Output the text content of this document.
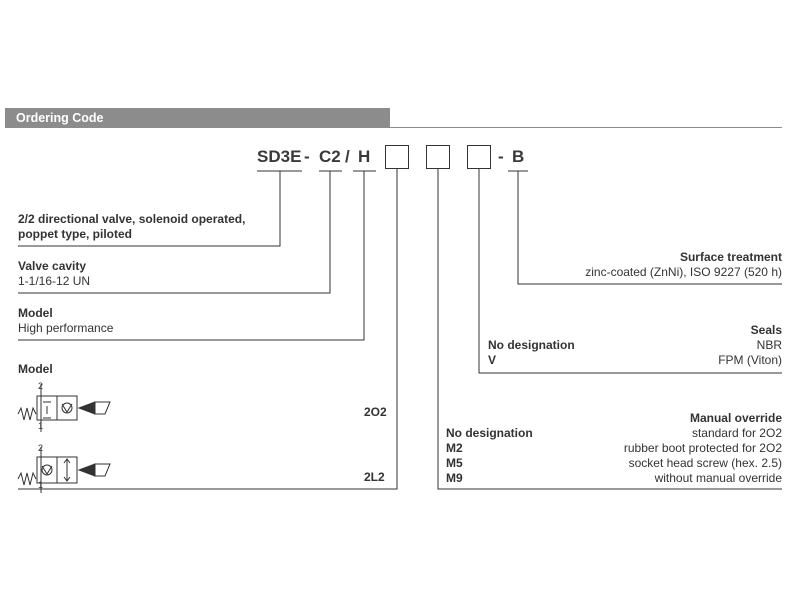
Ordering Code
SD3E - C2 / H	- B
2/2 directional valve, solenoid operated,
poppet type, piloted
Valve cavity
1-1/16-12 UN
Model
High performance
Model
2O2
2L2
2
1
2
1
Surface treatment
zinc-coated (ZnNi), ISO 9227 (520 h)
Seals
No designation	NBR
V	FPM (Viton)
Manual override
No designation	standard for 2O2
M2	rubber boot protected for 2O2
M5	socket head screw (hex. 2.5)
M9	without manual override
